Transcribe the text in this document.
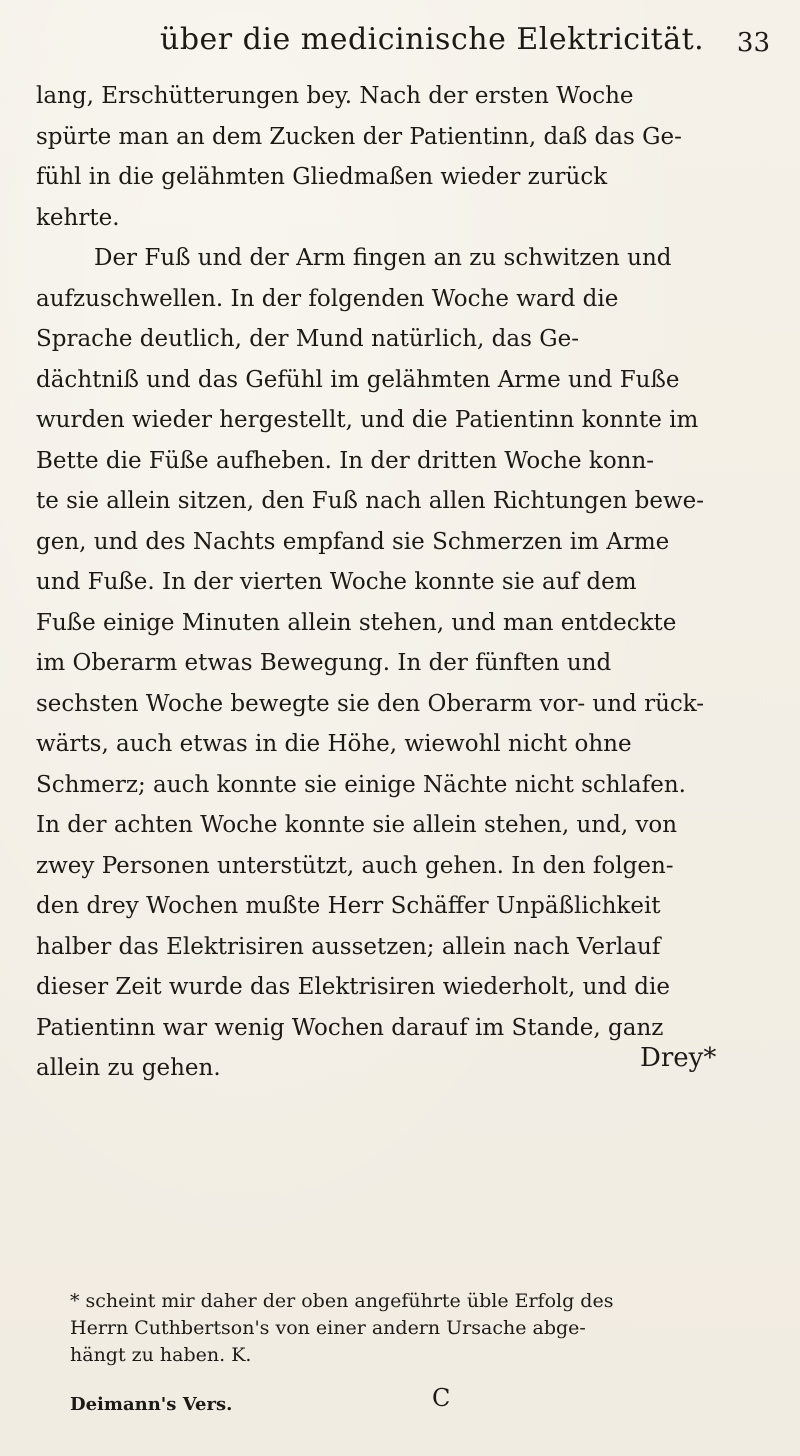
über die medicinische Elektricität. 33
lang, Erschütterungen bey. Nach der ersten Woche
spürte man an dem Zucken der Patientinn, daß das Ge-
fühl in die gelähmten Gliedmaßen wieder zurück
kehrte.
Der Fuß und der Arm fingen an zu schwitzen und
aufzuschwellen. In der folgenden Woche ward die
Sprache deutlich, der Mund natürlich, das Ge-
dächtniß und das Gefühl im gelähmten Arme und Fuße
wurden wieder hergestellt, und die Patientinn konnte im
Bette die Füße aufheben. In der dritten Woche konn-
te sie allein sitzen, den Fuß nach allen Richtungen bewe-
gen, und des Nachts empfand sie Schmerzen im Arme
und Fuße. In der vierten Woche konnte sie auf dem
Fuße einige Minuten allein stehen, und man entdeckte
im Oberarm etwas Bewegung. In der fünften und
sechsten Woche bewegte sie den Oberarm vor- und rück-
wärts, auch etwas in die Höhe, wiewohl nicht ohne
Schmerz; auch konnte sie einige Nächte nicht schlafen.
In der achten Woche konnte sie allein stehen, und, von
zwey Personen unterstützt, auch gehen. In den folgen-
den drey Wochen mußte Herr Schäffer Unpäßlichkeit
halber das Elektrisiren aussetzen; allein nach Verlauf
dieser Zeit wurde das Elektrisiren wiederholt, und die
Patientinn war wenig Wochen darauf im Stande, ganz
allein zu gehen.	Drey*
* scheint mir daher der oben angeführte üble Erfolg des
Herrn Cuthbertson's von einer andern Ursache abge-
hängt zu haben. K.
Deimann's Vers.	C
